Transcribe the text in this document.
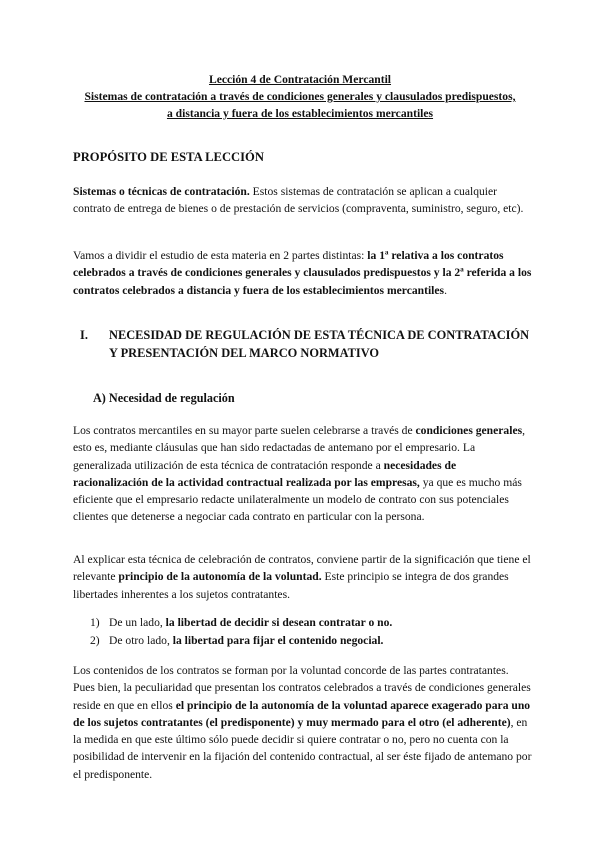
Lección 4 de Contratación Mercantil
Sistemas de contratación a través de condiciones generales y clausulados predispuestos,
a distancia y fuera de los establecimientos mercantiles
PROPÓSITO DE ESTA LECCIÓN
Sistemas o técnicas de contratación. Estos sistemas de contratación se aplican a cualquier contrato de entrega de bienes o de prestación de servicios (compraventa, suministro, seguro, etc).
Vamos a dividir el estudio de esta materia en 2 partes distintas: la 1ª relativa a los contratos celebrados a través de condiciones generales y clausulados predispuestos y la 2ª referida a los contratos celebrados a distancia y fuera de los establecimientos mercantiles.
I. NECESIDAD DE REGULACIÓN DE ESTA TÉCNICA DE CONTRATACIÓN Y PRESENTACIÓN DEL MARCO NORMATIVO
A) Necesidad de regulación
Los contratos mercantiles en su mayor parte suelen celebrarse a través de condiciones generales, esto es, mediante cláusulas que han sido redactadas de antemano por el empresario. La generalizada utilización de esta técnica de contratación responde a necesidades de racionalización de la actividad contractual realizada por las empresas, ya que es mucho más eficiente que el empresario redacte unilateralmente un modelo de contrato con sus potenciales clientes que detenerse a negociar cada contrato en particular con la persona.
Al explicar esta técnica de celebración de contratos, conviene partir de la significación que tiene el relevante principio de la autonomía de la voluntad. Este principio se integra de dos grandes libertades inherentes a los sujetos contratantes.
1) De un lado, la libertad de decidir si desean contratar o no.
2) De otro lado, la libertad para fijar el contenido negocial.
Los contenidos de los contratos se forman por la voluntad concorde de las partes contratantes. Pues bien, la peculiaridad que presentan los contratos celebrados a través de condiciones generales reside en que en ellos el principio de la autonomía de la voluntad aparece exagerado para uno de los sujetos contratantes (el predisponente) y muy mermado para el otro (el adherente), en la medida en que este último sólo puede decidir si quiere contratar o no, pero no cuenta con la posibilidad de intervenir en la fijación del contenido contractual, al ser éste fijado de antemano por el predisponente.
